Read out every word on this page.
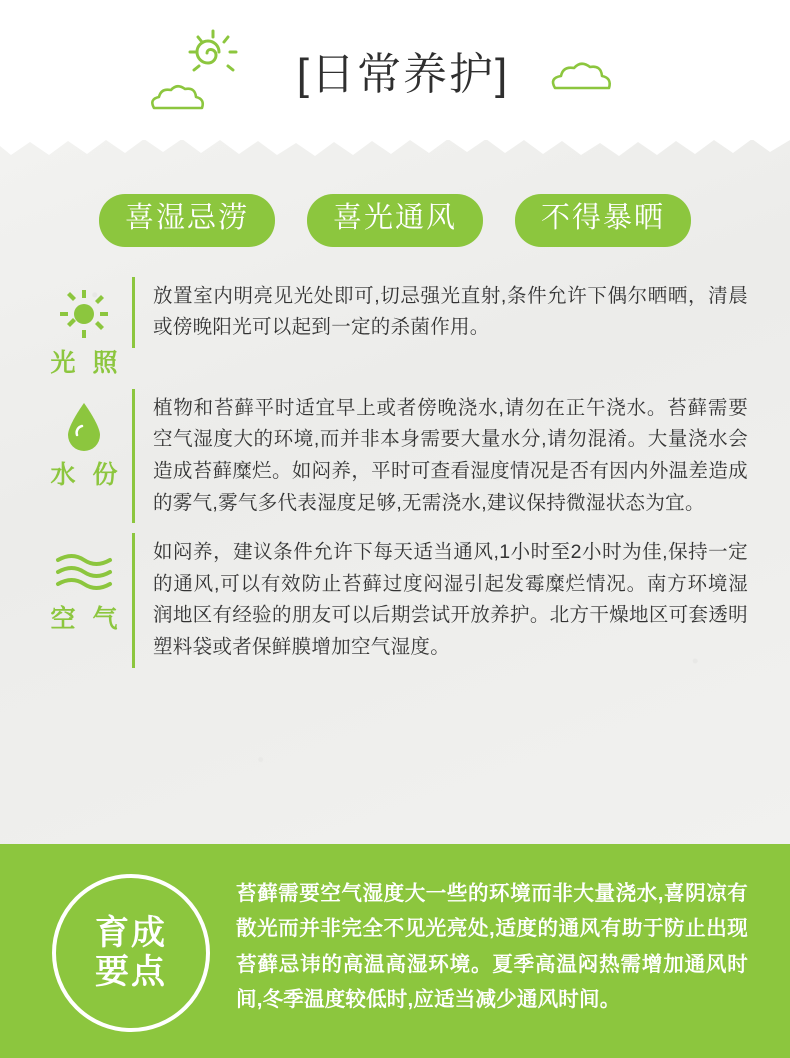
[日常养护]
喜湿忌涝	喜光通风	不得暴晒
光 照
放置室内明亮见光处即可,切忌强光直射,条件允许下偶尔晒晒，清晨或傍晚阳光可以起到一定的杀菌作用。
水 份
植物和苔藓平时适宜早上或者傍晚浇水,请勿在正午浇水。苔藓需要空气湿度大的环境,而并非本身需要大量水分,请勿混淆。大量浇水会造成苔藓糜烂。如闷养，平时可查看湿度情况是否有因内外温差造成的雾气,雾气多代表湿度足够,无需浇水,建议保持微湿状态为宜。
空 气
如闷养，建议条件允许下每天适当通风,1小时至2小时为佳,保持一定的通风,可以有效防止苔藓过度闷湿引起发霉糜烂情况。南方环境湿润地区有经验的朋友可以后期尝试开放养护。北方干燥地区可套透明塑料袋或者保鲜膜增加空气湿度。
育成
要点
苔藓需要空气湿度大一些的环境而非大量浇水,喜阴凉有散光而并非完全不见光亮处,适度的通风有助于防止出现苔藓忌讳的高温高湿环境。夏季高温闷热需增加通风时间,冬季温度较低时,应适当减少通风时间。
